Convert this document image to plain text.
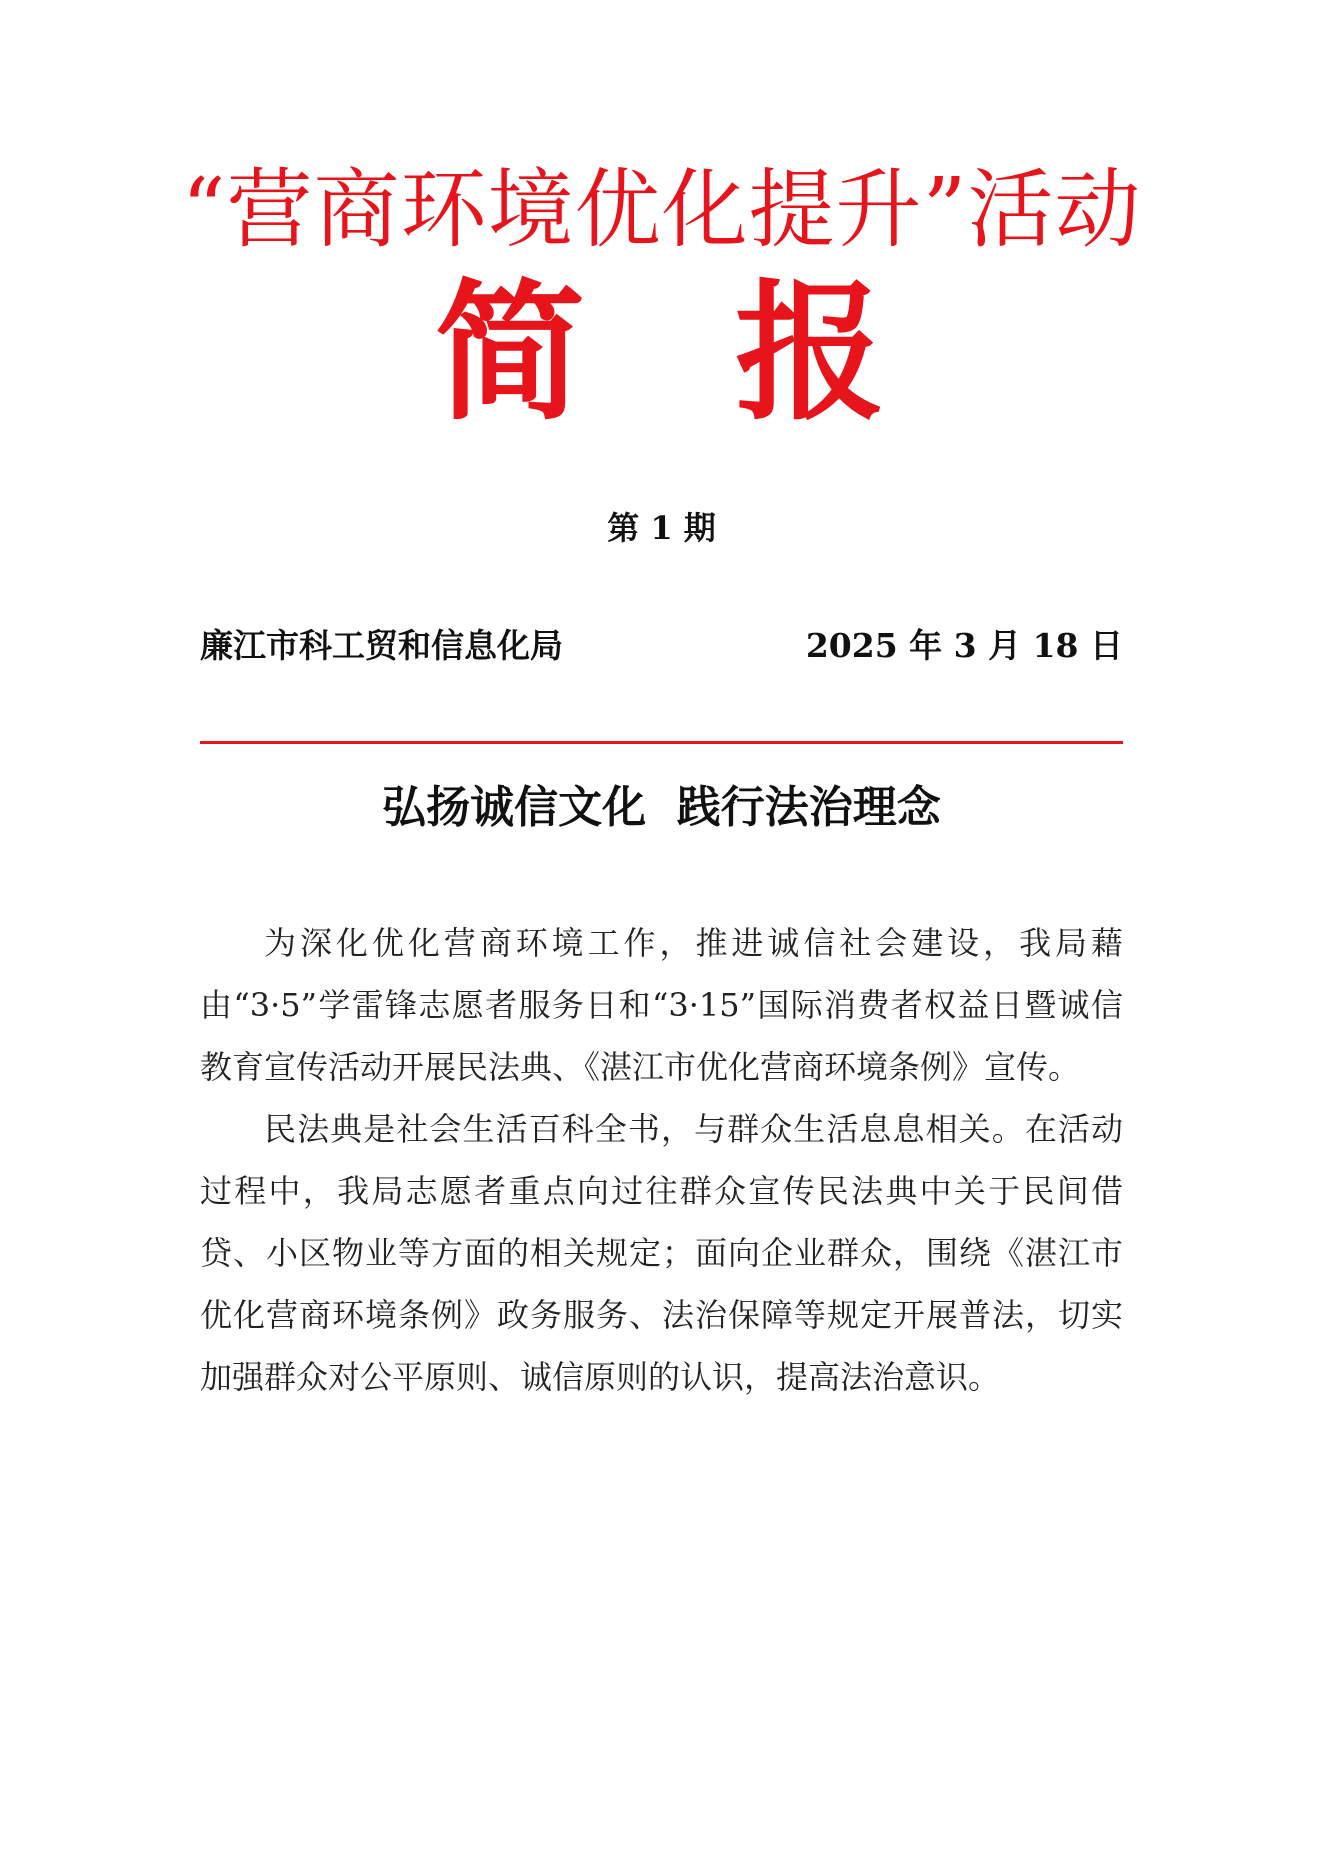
“营商环境优化提升”活动
简 报
第 1 期
廉江市科工贸和信息化局	2025 年 3 月 18 日
弘扬诚信文化  践行法治理念

为深化优化营商环境工作，推进诚信社会建设，我局藉由“3·5”学雷锋志愿者服务日和“3·15”国际消费者权益日暨诚信教育宣传活动开展民法典、《湛江市优化营商环境条例》宣传。

民法典是社会生活百科全书，与群众生活息息相关。在活动过程中，我局志愿者重点向过往群众宣传民法典中关于民间借贷、小区物业等方面的相关规定；面向企业群众，围绕《湛江市优化营商环境条例》政务服务、法治保障等规定开展普法，切实加强群众对公平原则、诚信原则的认识，提高法治意识。
